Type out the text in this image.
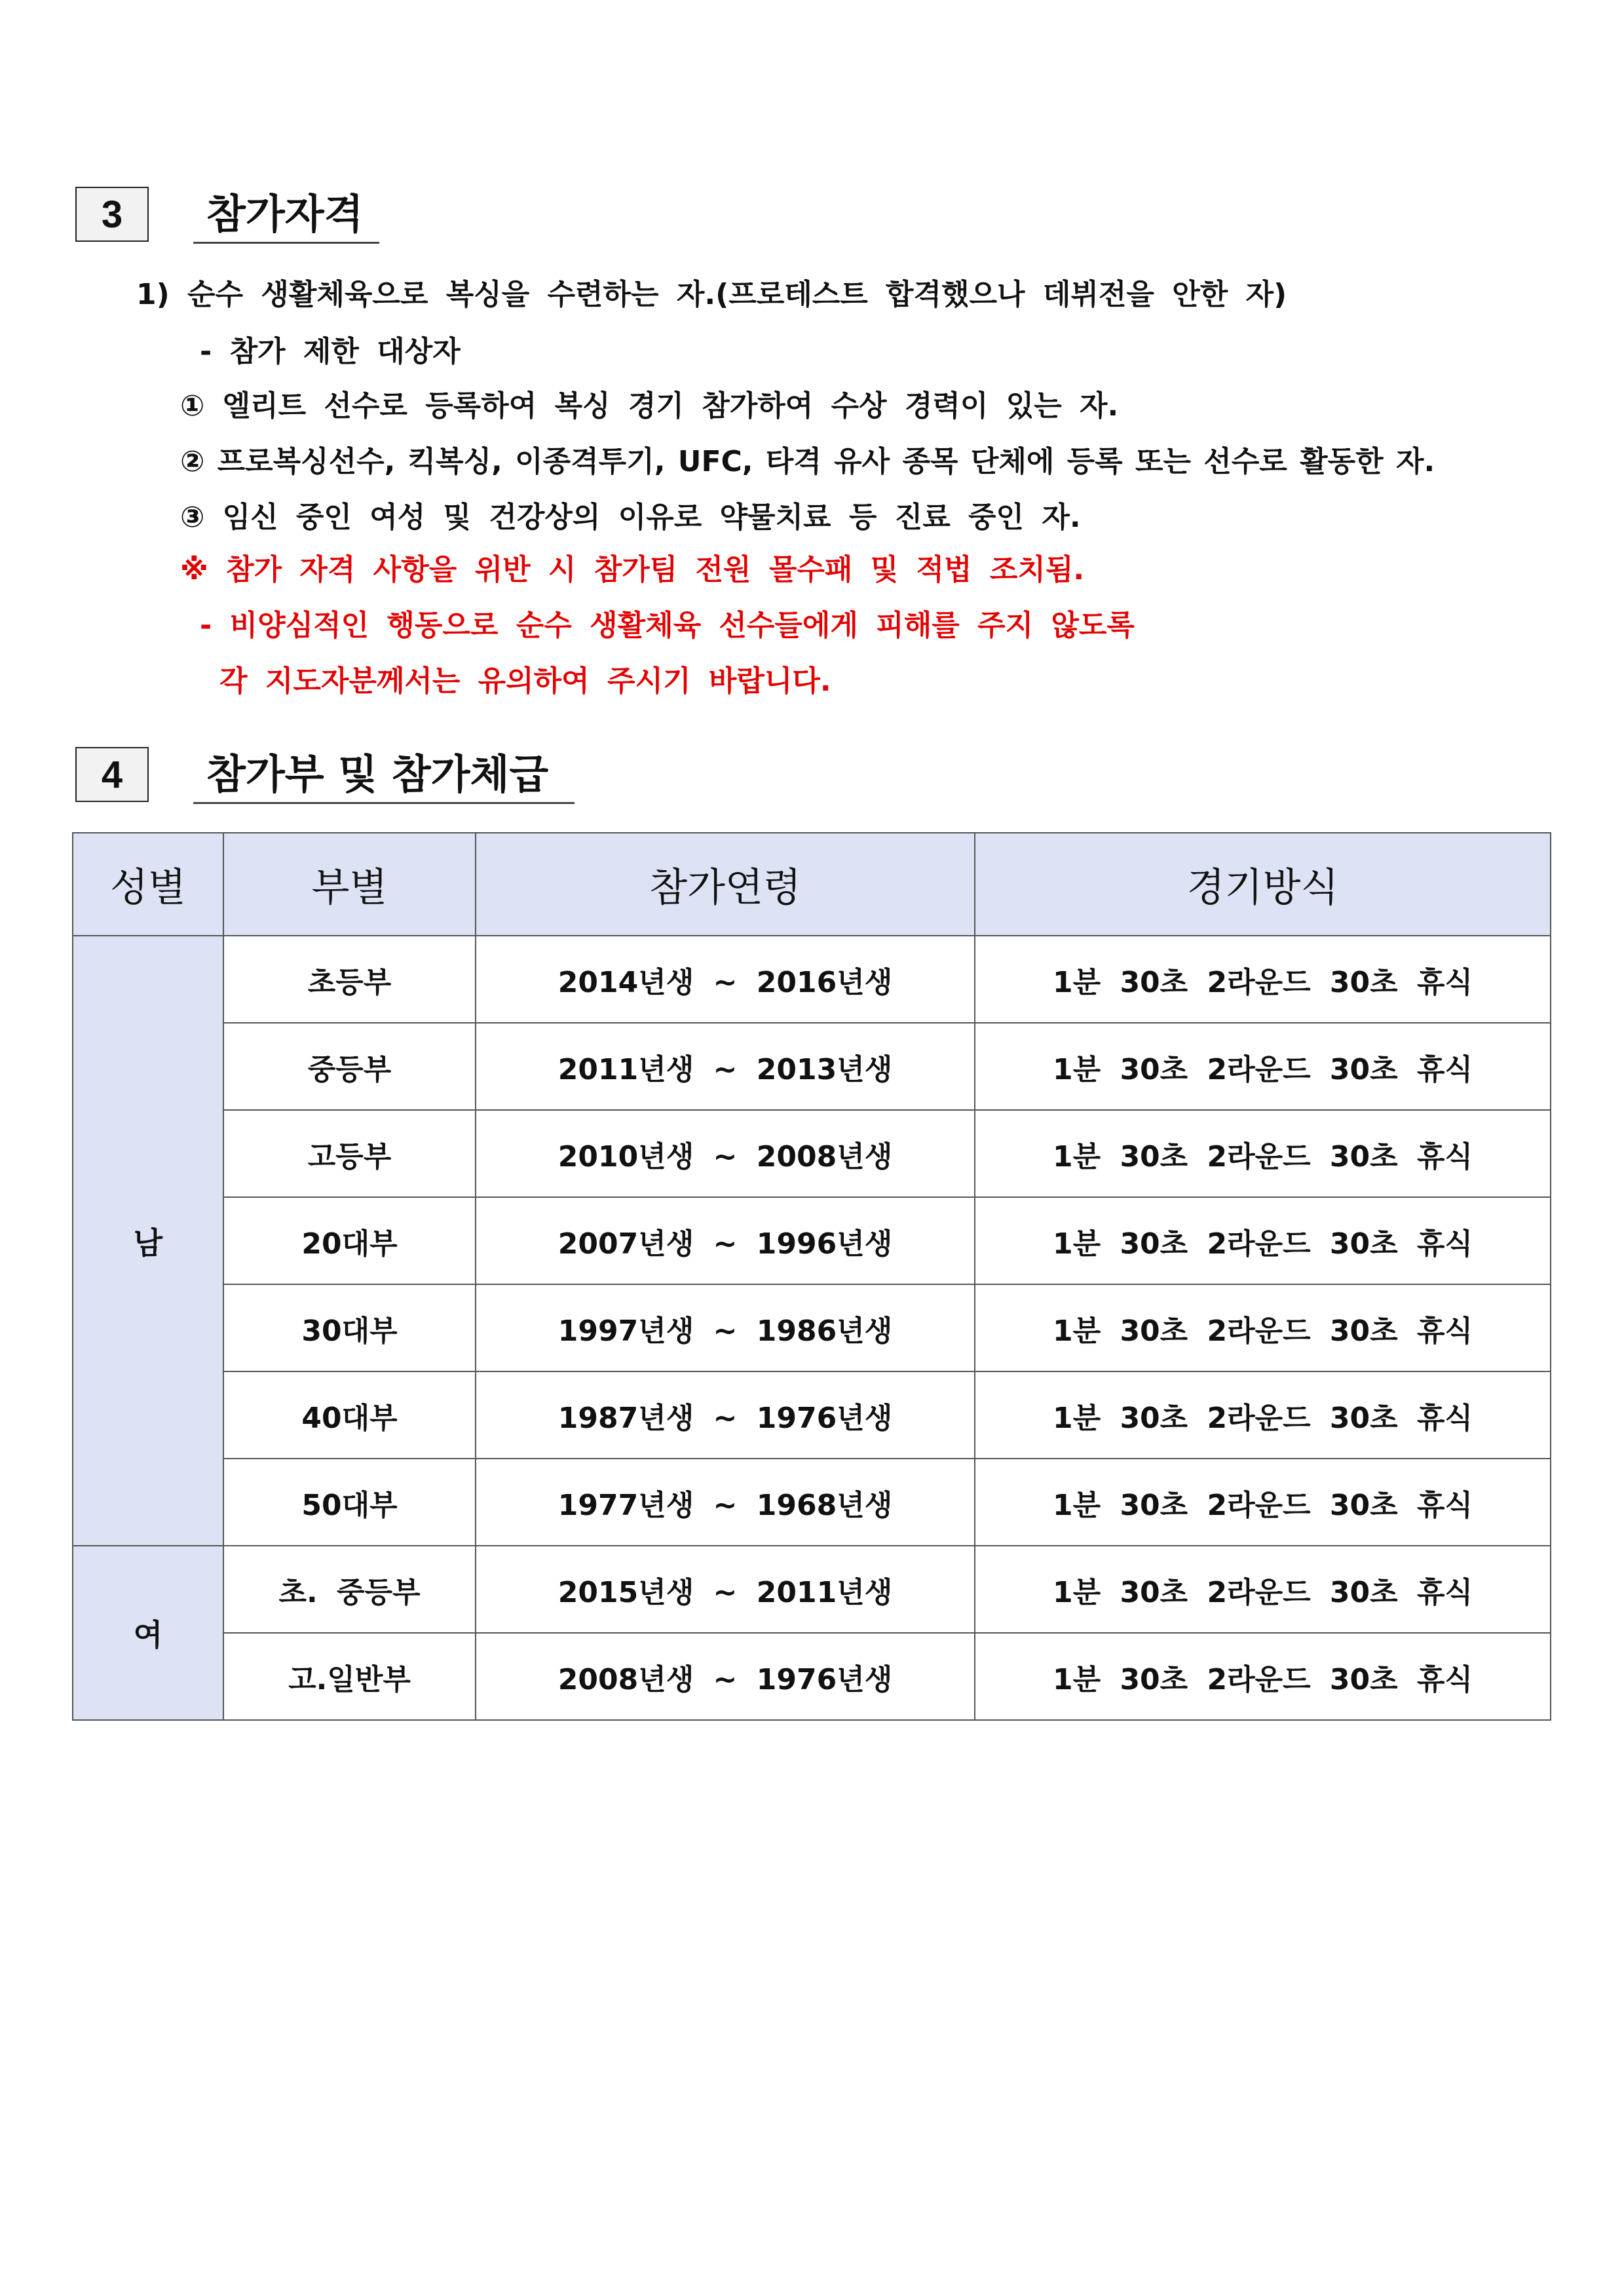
3	참가자격
1) 순수 생활체육으로 복싱을 수련하는 자.(프로테스트 합격했으나 데뷔전을 안한 자)
- 참가 제한 대상자
① 엘리트 선수로 등록하여 복싱 경기 참가하여 수상 경력이 있는 자.
② 프로복싱선수, 킥복싱, 이종격투기, UFC, 타격 유사 종목 단체에 등록 또는 선수로 활동한 자.
③ 임신 중인 여성 및 건강상의 이유로 약물치료 등 진료 중인 자.
※ 참가 자격 사항을 위반 시 참가팀 전원 몰수패 및 적법 조치됨.
- 비양심적인 행동으로 순수 생활체육 선수들에게 피해를 주지 않도록
각 지도자분께서는 유의하여 주시기 바랍니다.
4	참가부 및 참가체급
성별	부별	참가연령	경기방식
남	초등부	2014년생 ~ 2016년생	1분 30초 2라운드 30초 휴식
	중등부	2011년생 ~ 2013년생	1분 30초 2라운드 30초 휴식
	고등부	2010년생 ~ 2008년생	1분 30초 2라운드 30초 휴식
	20대부	2007년생 ~ 1996년생	1분 30초 2라운드 30초 휴식
	30대부	1997년생 ~ 1986년생	1분 30초 2라운드 30초 휴식
	40대부	1987년생 ~ 1976년생	1분 30초 2라운드 30초 휴식
	50대부	1977년생 ~ 1968년생	1분 30초 2라운드 30초 휴식
여	초. 중등부	2015년생 ~ 2011년생	1분 30초 2라운드 30초 휴식
	고.일반부	2008년생 ~ 1976년생	1분 30초 2라운드 30초 휴식
